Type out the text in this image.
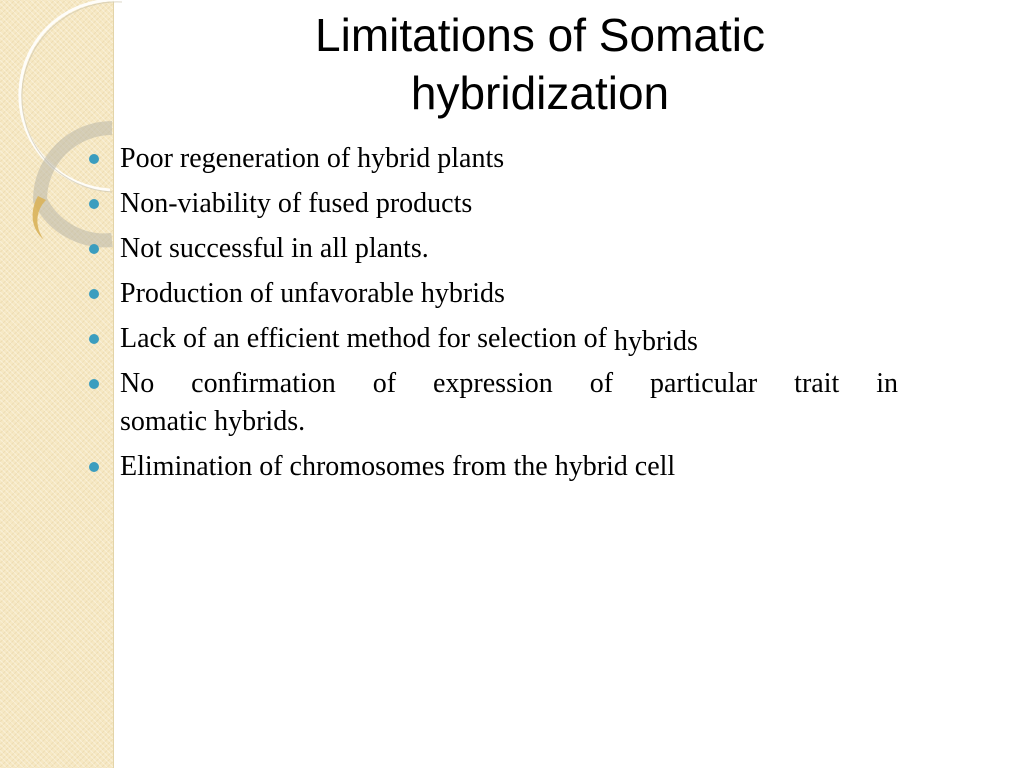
Limitations of Somatic
hybridization
Poor regeneration of hybrid plants
Non-viability of fused products
Not successful in all plants.
Production of unfavorable hybrids
Lack of an efficient method for selection of hybrids
No confirmation of expression of particular trait in
somatic hybrids.
Elimination of chromosomes from the hybrid cell
